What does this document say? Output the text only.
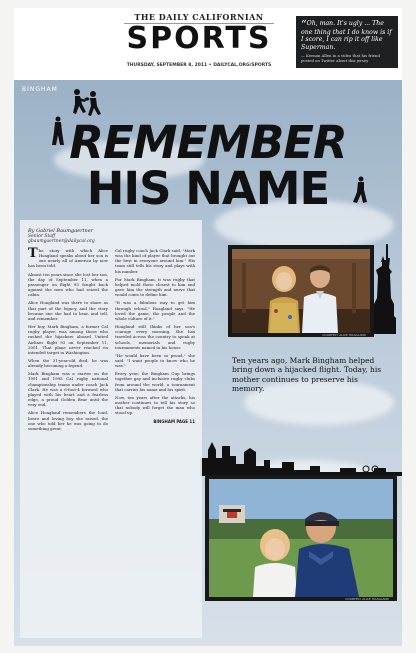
THE DAILY CALIFORNIAN
SPORTS
THURSDAY, SEPTEMBER 8, 2011 • DAILYCAL.ORG/SPORTS
“Oh, man. It's ugly ... The one thing that I do know is if I score, I can rip it off like Superman.
— Keenan Allen in a video that his friend posted on Twitter about this jersey
BINGHAM
REMEMBER
HIS NAME
By Gabriel Baumgaertner
Senior Staff
gbaumgaertner@dailycal.org

The story with which Alice Hoagland speaks about her son is one nearly all of America by now has been told.

Almost ten years since she lost her son, the day of September 11, when a passenger on flight 93 fought back against the men who had seized the cabin.

Alice Hoagland was there to share as that part of the legacy, and the story became one she had to hear, and tell, and remember.

Her boy, Mark Bingham, a former Cal rugby player, was among those who rushed the hijackers aboard United Airlines flight 93 on September 11, 2001. That plane never reached its intended target in Washington.

When the 31-year-old died, he was already becoming a legend.

Mark Bingham was a starter on the 1991 and 1993 Cal rugby national championship teams under coach Jack Clark. He was a 6-foot-4 forward who played with his heart and a fearless edge, a proud Golden Bear until the very end.

Alice Hoagland remembers the loud, brave and loving boy she raised, the one who told her he was going to do something great.

Cal rugby coach Jack Clark said, "Mark was the kind of player that brought out the best in everyone around him." His team still tells his story and plays with his number.

For Mark Bingham, it was rugby that helped mold those closest to him and gave him the strength and nerve that would come to define him.

"It was a fabulous way to get him through school," Hoagland says. "He loved the game, the people and the whole culture of it."

Hoagland still thinks of her son's courage every morning. She has traveled across the country to speak at schools, memorials and rugby tournaments named in his honor.

"He would have been so proud," she said. "I want people to know who he was."

Every year, the Bingham Cup brings together gay and inclusive rugby clubs from around the world, a tournament that carries his name and his spirit.

Now, ten years after the attacks, his mother continues to tell his story so that nobody will forget the man who stood up.

BINGHAM PAGE 11
COURTESY ALICE HOAGLAND
Ten years ago, Mark Bingham helped bring down a hijacked flight. Today, his mother continues to preserve his memory.
COURTESY ALICE HOAGLAND
